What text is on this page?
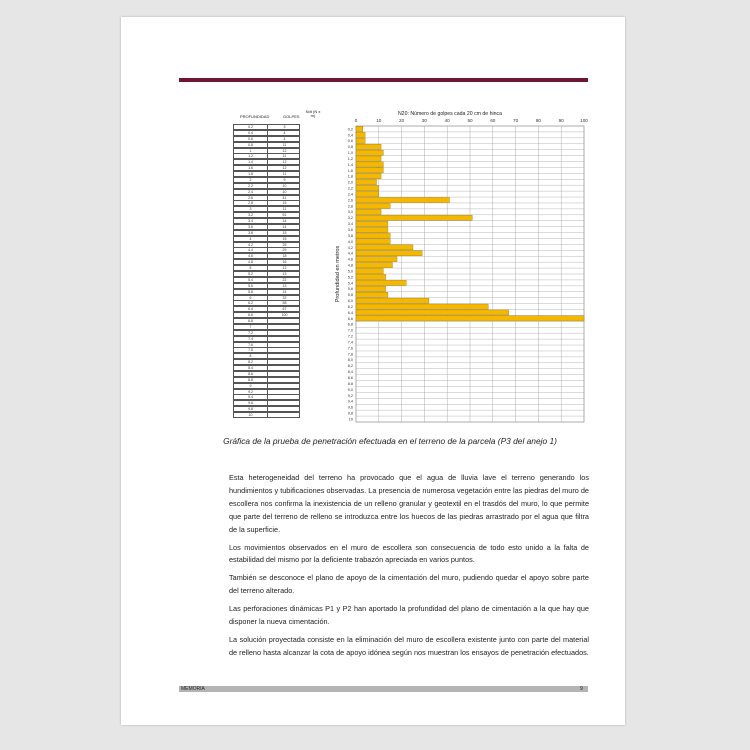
PROFUNDIDAD	GOLPES
Ndt (N x m)
0.2	3
0.4	4
0.6	4
0.8	11
1	12
1.2	11
1.4	12
1.6	12
1.8	11
2	9
2.2	10
2.4	10
2.6	41
2.8	15
3	11
3.2	51
3.4	14
3.6	14
3.8	15
4	15
4.2	25
4.4	29
4.6	18
4.8	16
5	12
5.2	13
5.4	22
5.6	13
5.8	14
6	32
6.2	58
6.4	67
6.6	100
6.8
7
7.2
7.4
7.6
7.8
8
8.2
8.4
8.6
8.8
9
9.2
9.4
9.6
9.8
10
0	10	20	30	40	50	60	70	80	90	100
0,2
0,4
0,6
0,8
1,0
1,2
1,4
1,6
1,8
2,0
2,2
2,4
2,6
2,8
3,0
3,2
3,4
3,6
3,8
4,0
4,2
4,4
4,6
4,8
5,0
5,2
5,4
5,6
5,8
6,0
6,2
6,4
6,6
6,8
7,0
7,2
7,4
7,6
7,8
8,0
8,2
8,4
8,6
8,8
9,0
9,2
9,4
9,6
9,8
10
N20: Número de golpes cada 20 cm de hinca
Profundidad en metros
Gráfica de la prueba de penetración efectuada en el terreno de la parcela (P3 del anejo 1)

Esta heterogeneidad del terreno ha provocado que el agua de lluvia lave el terreno generando los hundimientos y tubificaciones observadas. La presencia de numerosa vegetación entre las piedras del muro de escollera nos confirma la inexistencia de un relleno granular y geotextil en el trasdós del muro, lo que permite que parte del terreno de relleno se introduzca entre los huecos de las piedras arrastrado por el agua que filtra de la superficie.

Los movimientos observados en el muro de escollera son consecuencia de todo esto unido a la falta de estabilidad del mismo por la deficiente trabazón apreciada en varios puntos.

También se desconoce el plano de apoyo de la cimentación del muro, pudiendo quedar el apoyo sobre parte del terreno alterado.

Las perforaciones dinámicas P1 y P2 han aportado la profundidad del plano de cimentación a la que hay que disponer la nueva cimentación.

La solución proyectada consiste en la eliminación del muro de escollera existente junto con parte del material de relleno hasta alcanzar la cota de apoyo idónea según nos muestran los ensayos de penetración efectuados.

MEMORIA	9
